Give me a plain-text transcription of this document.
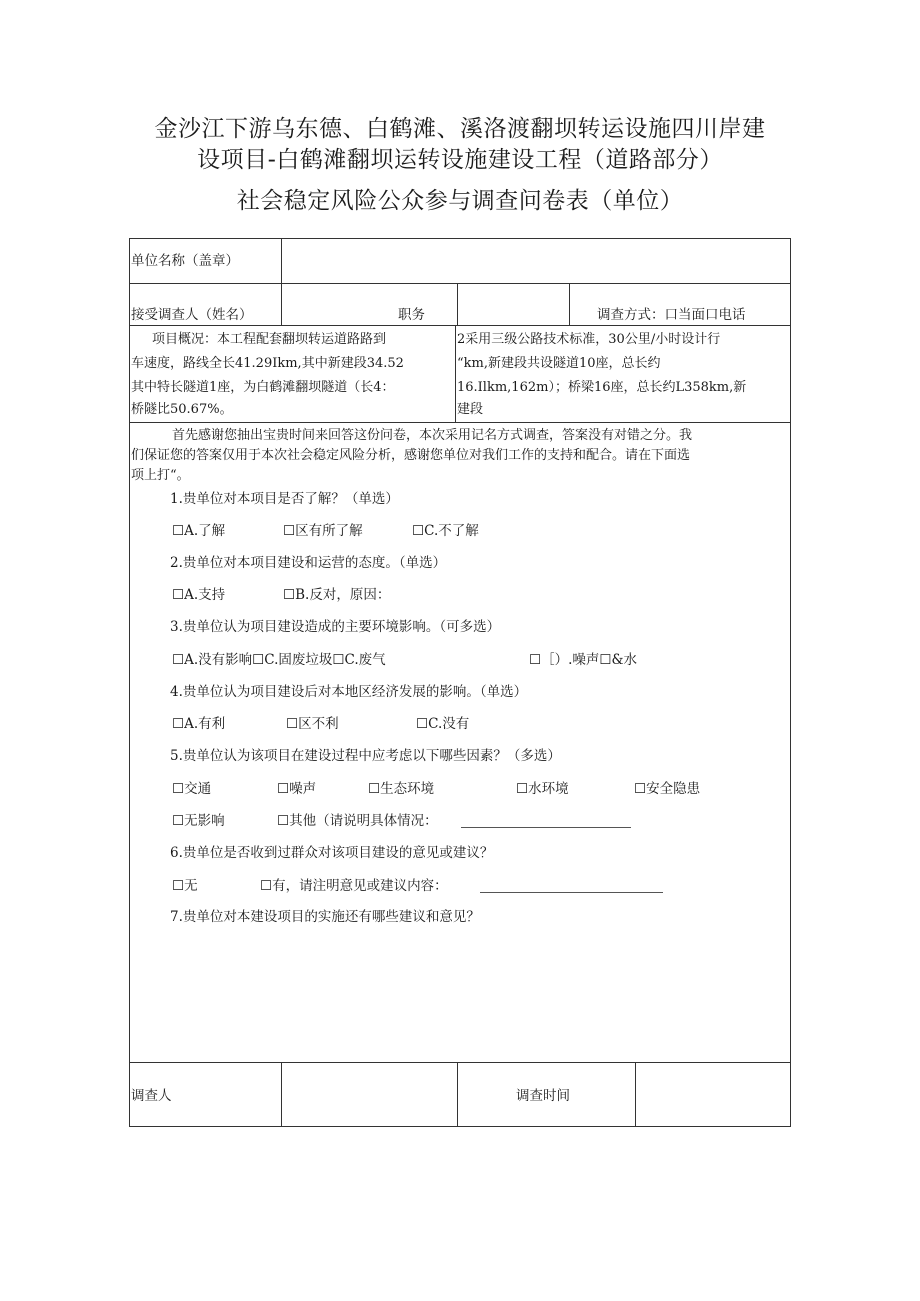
金沙江下游乌东德、白鹤滩、溪洛渡翻坝转运设施四川岸建
设项目-白鹤滩翻坝运转设施建设工程（道路部分）
社会稳定风险公众参与调查问卷表（单位）
单位名称（盖章）
接受调查人（姓名）	职务	调查方式：口当面口电话
项目概况：本工程配套翻坝转运道路路到
车速度，路线全长41.29Ikm,其中新建段34.52
其中特长隧道1座，为白鹤滩翻坝隧道（长4：
桥隧比50.67%。
2采用三级公路技术标准，30公里/小时设计行
“km,新建段共设隧道10座，总长约
16.Ilkm,162m）；桥梁16座，总长约L358km,新
建段
首先感谢您抽出宝贵时间来回答这份问卷，本次采用记名方式调查，答案没有对错之分。我
们保证您的答案仅用于本次社会稳定风险分析，感谢您单位对我们工作的支持和配合。请在下面选
项上打“。
1.贵单位对本项目是否了解？（单选）
☐A.了解	☐区有所了解	☐C.不了解
2.贵单位对本项目建设和运营的态度。（单选）
☐A.支持	☐B.反对，原因：
3.贵单位认为项目建设造成的主要环境影响。（可多选）
☐A.没有影响☐C.固废垃圾☐C.废气	☐［）.噪声☐&水
4.贵单位认为项目建设后对本地区经济发展的影响。（单选）
☐A.有利	☐区不利	☐C.没有
5.贵单位认为该项目在建设过程中应考虑以下哪些因素？（多选）
☐交通	☐噪声	☐生态环境	☐水环境	☐安全隐患
☐无影响	☐其他（请说明具体情况：
6.贵单位是否收到过群众对该项目建设的意见或建议？
☐无	☐有，请注明意见或建议内容：
7.贵单位对本建设项目的实施还有哪些建议和意见？
调查人	调查时间
